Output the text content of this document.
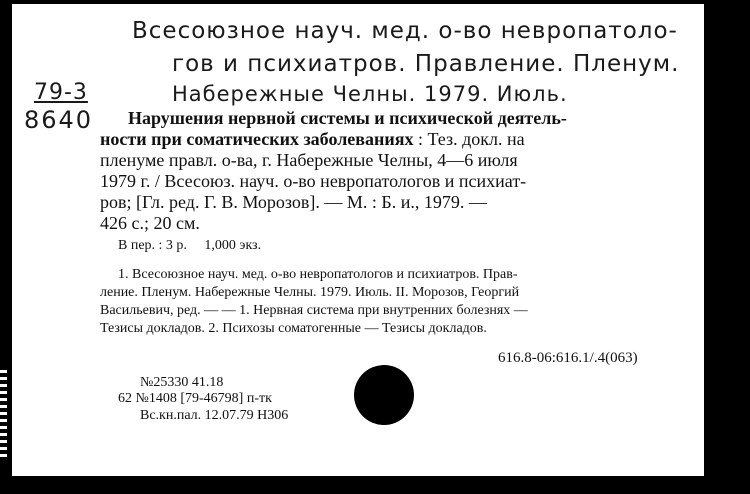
Всесоюзное науч. мед. о-во невропатоло-
гов и психиатров. Правление. Пленум.
Набережные Челны. 1979. Июль.
79-3
8640 Нарушения нервной системы и психической деятель-
ности при соматических заболеваниях : Тез. докл. на
пленуме правл. о-ва, г. Набережные Челны, 4—6 июля
1979 г. / Всесоюз. науч. о-во невропатологов и психиат-
ров; [Гл. ред. Г. В. Морозов]. — М. : Б. и., 1979. —
426 с.; 20 см.
В пер. : 3 р.     1,000 экз.
1. Всесоюзное науч. мед. о-во невропатологов и психиатров. Прав-
ление. Пленум. Набережные Челны. 1979. Июль. II. Морозов, Георгий
Васильевич, ред. — — 1. Нервная система при внутренних болезнях —
Тезисы докладов. 2. Психозы соматогенные — Тезисы докладов.
616.8-06:616.1/.4(063)
№25330 41.18
62 №1408 [79-46798] п-тк
Вс.кн.пал. 12.07.79 Н306
